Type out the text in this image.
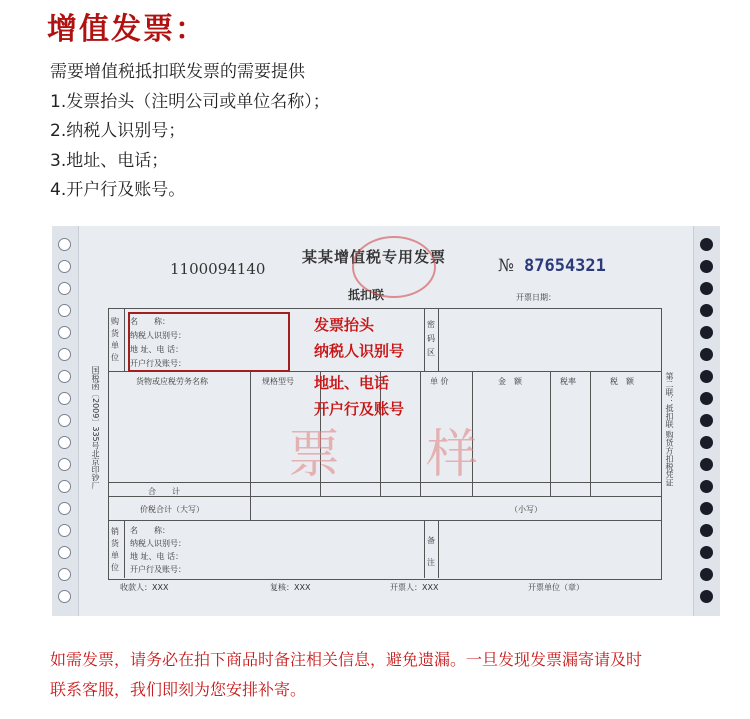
增值发票：
需要增值税抵扣联发票的需要提供
1.发票抬头（注明公司或单位名称）；
2.纳税人识别号；
3.地址、电话；
4.开户行及账号。
1100094140
某某增值税专用发票
抵扣联
№ 87654321
开票日期：
国税函〔2009〕335号北京印钞厂	第二联：抵扣联 购货方扣税凭证
购货单位
名　　称：
纳税人识别号：
地 址、电 话：
开户行及账号：
密码区
发票抬头
纳税人识别号
地址、电话
开户行及账号
货物或应税劳务名称	规格型号	单 价	金　额	税率	税　额
票 样
合　　计
价税合计（大写）	（小写）
销货单位
名　　称：
纳税人识别号：
地 址、电 话：
开户行及账号：
备注
收款人：XXX	复核：XXX	开票人：XXX	开票单位（章）
如需发票，请务必在拍下商品时备注相关信息，避免遗漏。一旦发现发票漏寄请及时
联系客服，我们即刻为您安排补寄。
